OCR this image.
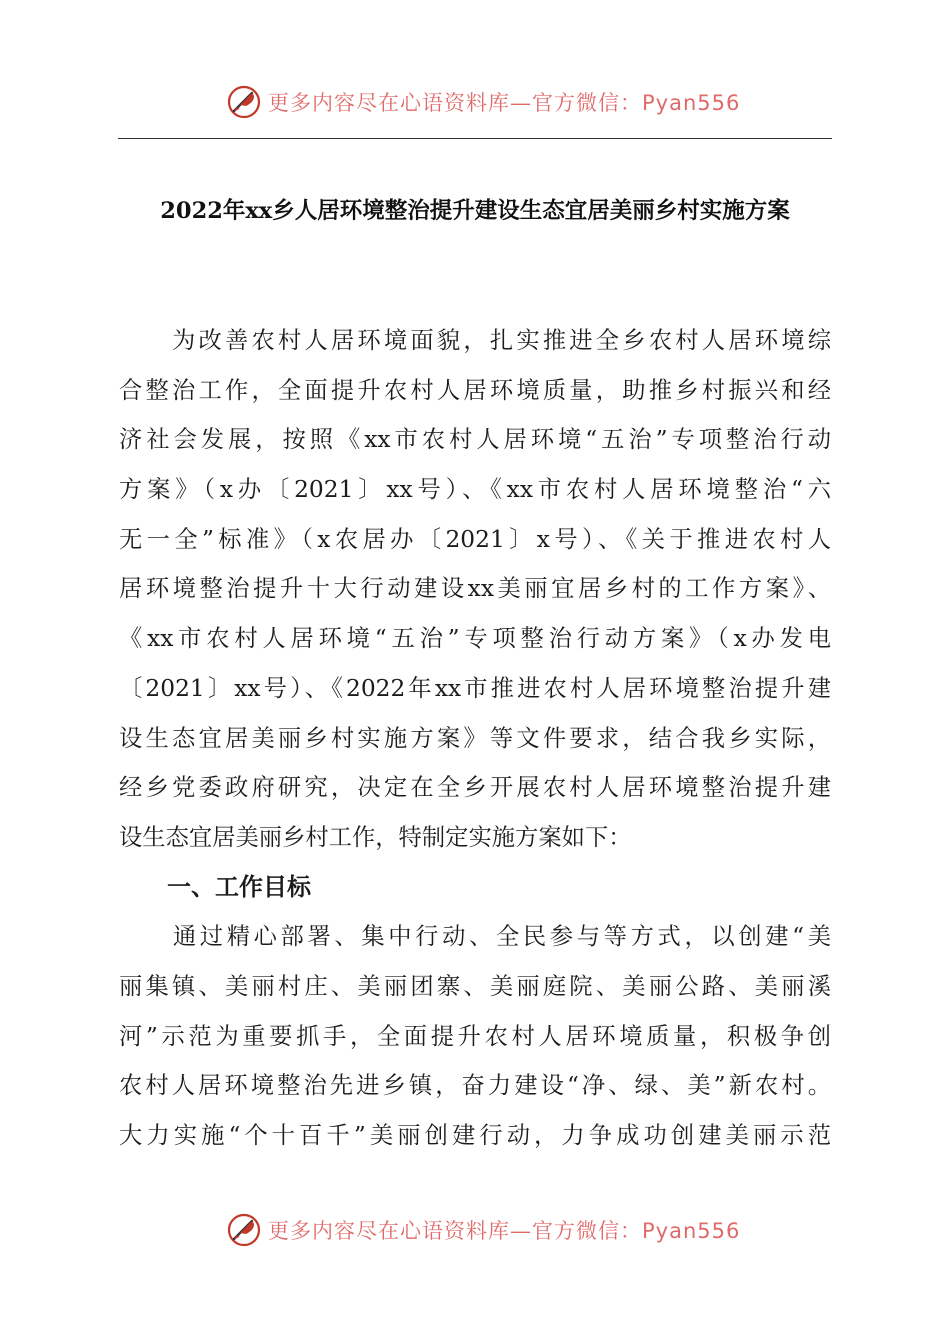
更多内容尽在心语资料库—官方微信：Pyan556
2022年xx乡人居环境整治提升建设生态宜居美丽乡村实施方案
　　为改善农村人居环境面貌，扎实推进全乡农村人居环境综
合整治工作，全面提升农村人居环境质量，助推乡村振兴和经
济社会发展，按照《xx市农村人居环境“五治”专项整治行动
方案》（x办〔2021〕xx号）、《xx市农村人居环境整治“六
无一全”标准》（x农居办〔2021〕x号）、《关于推进农村人
居环境整治提升十大行动建设xx美丽宜居乡村的工作方案》、
《xx市农村人居环境“五治”专项整治行动方案》（x办发电
〔2021〕xx号）、《2022年xx市推进农村人居环境整治提升建
设生态宜居美丽乡村实施方案》等文件要求，结合我乡实际，
经乡党委政府研究，决定在全乡开展农村人居环境整治提升建
设生态宜居美丽乡村工作，特制定实施方案如下：
一、工作目标
　　通过精心部署、集中行动、全民参与等方式，以创建“美
丽集镇、美丽村庄、美丽团寨、美丽庭院、美丽公路、美丽溪
河”示范为重要抓手，全面提升农村人居环境质量，积极争创
农村人居环境整治先进乡镇，奋力建设“净、绿、美”新农村。
大力实施“个十百千”美丽创建行动，力争成功创建美丽示范
更多内容尽在心语资料库—官方微信：Pyan556
